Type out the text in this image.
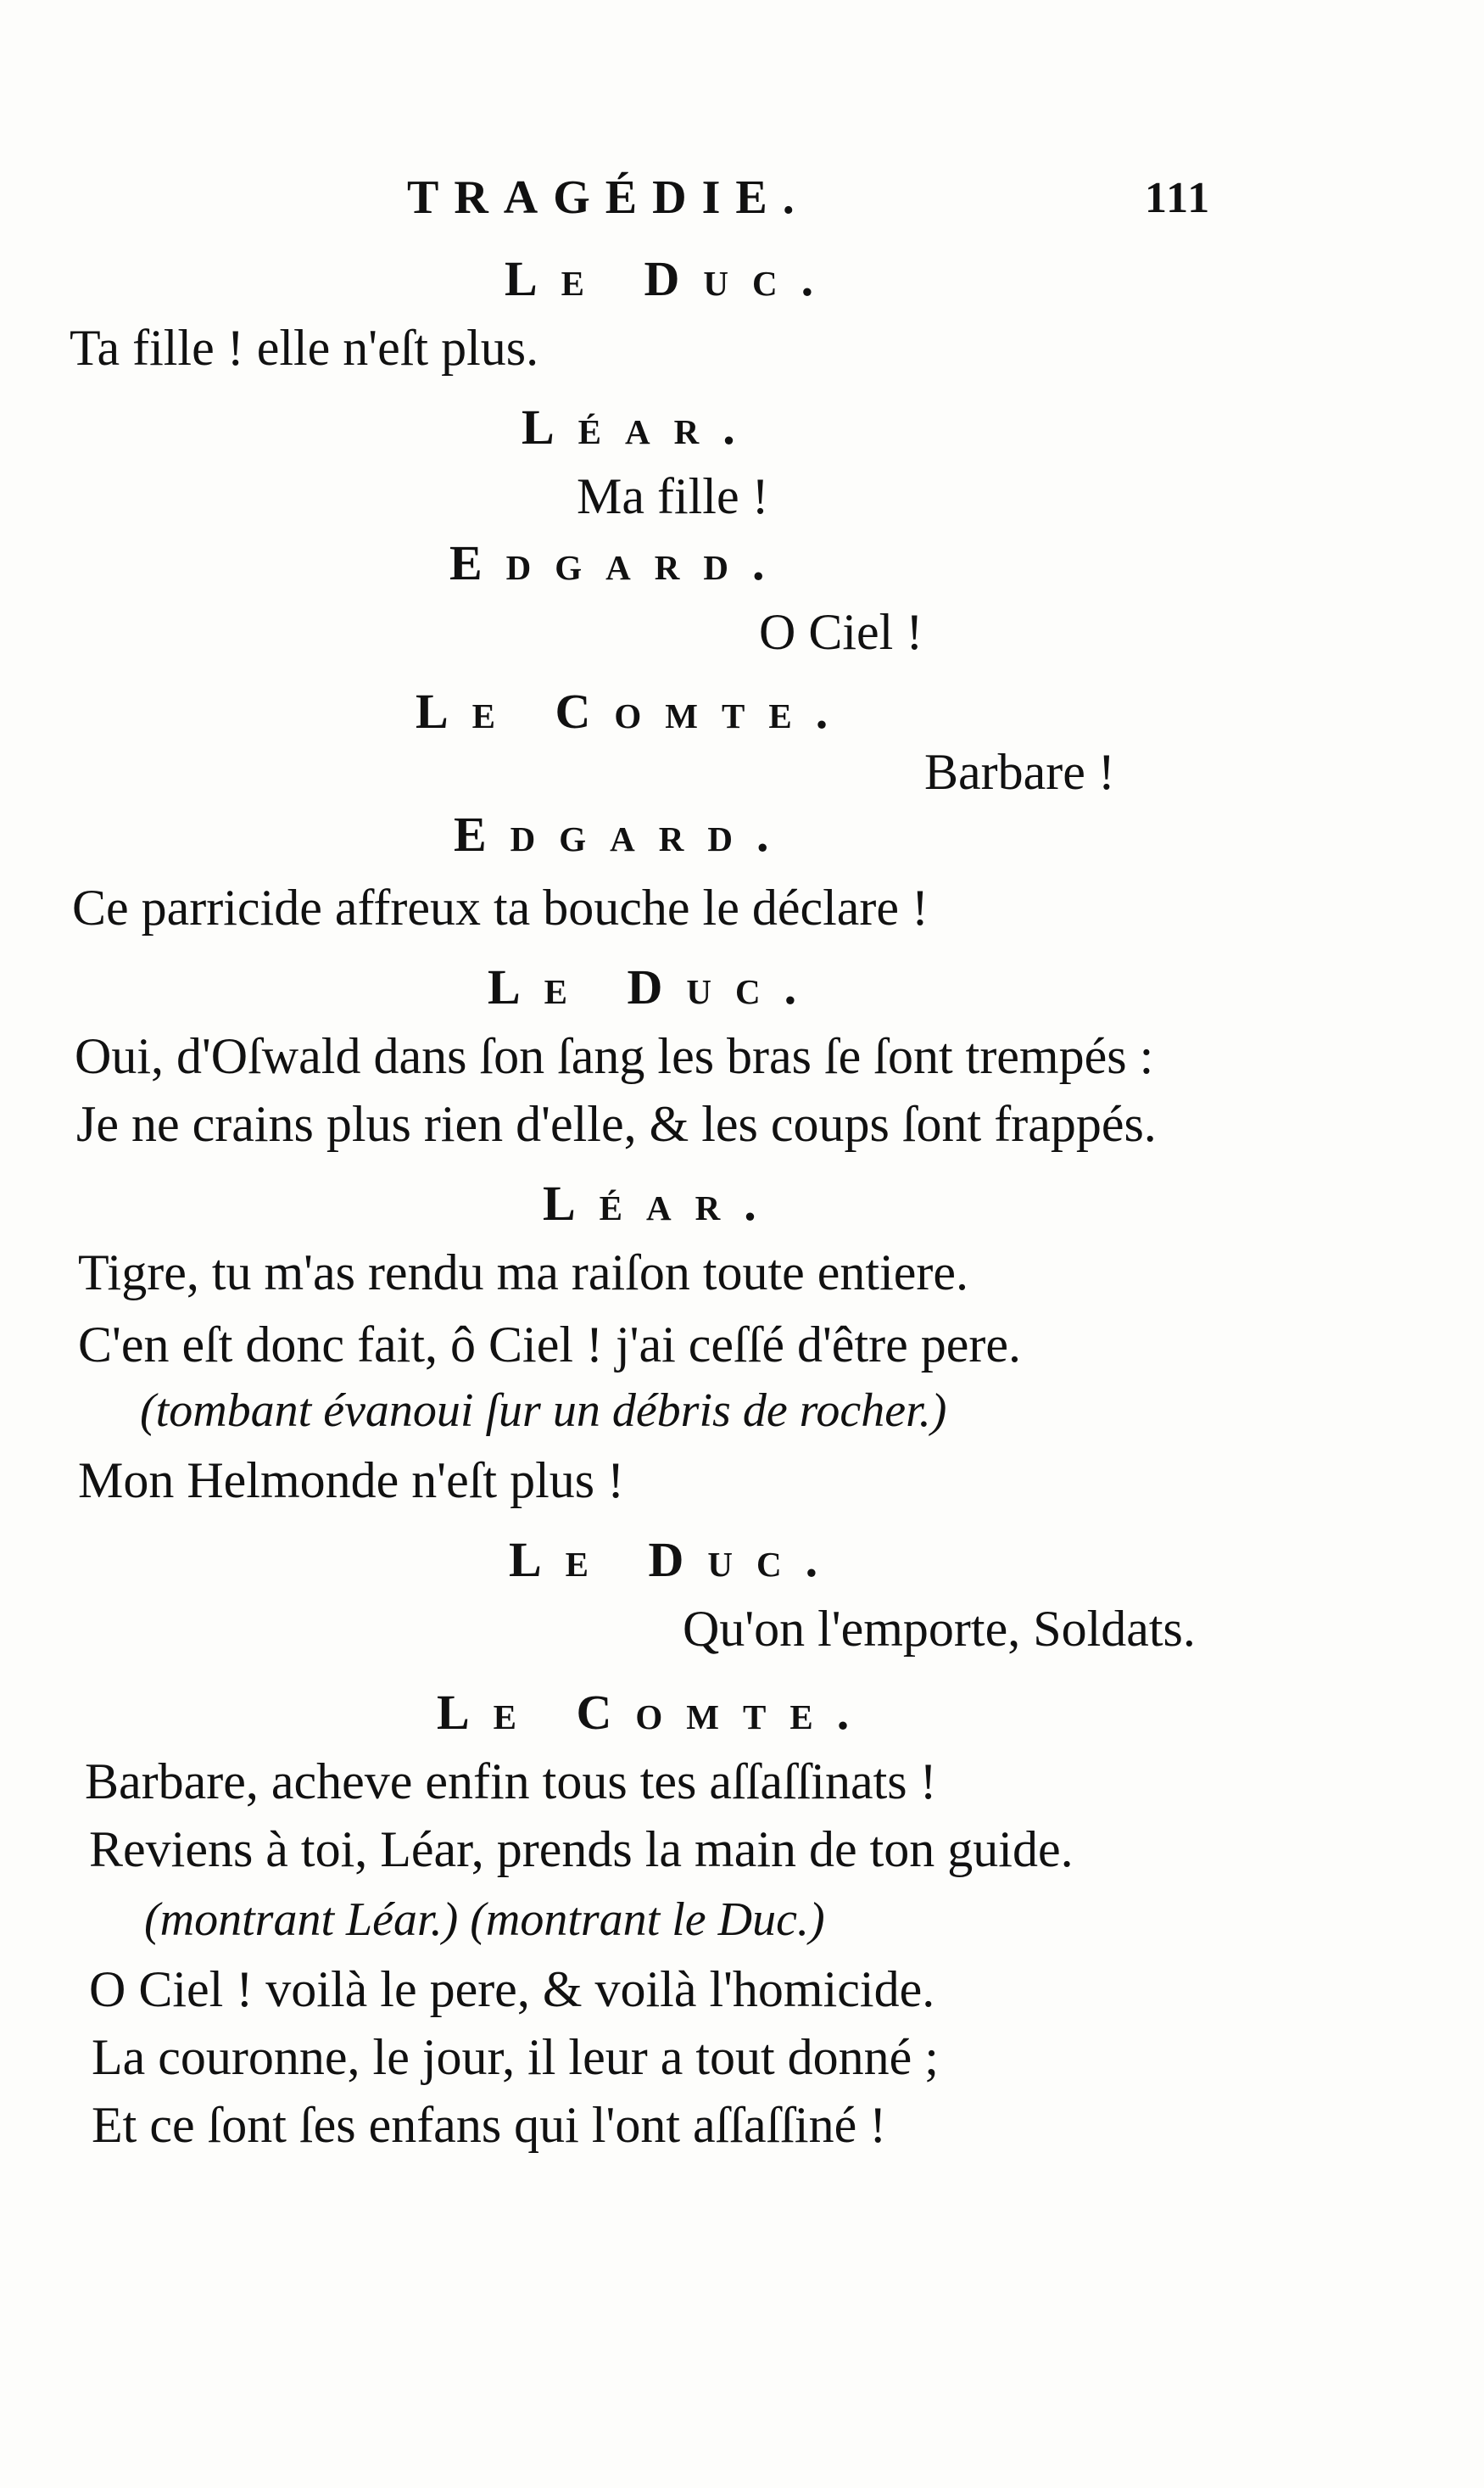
TRAGÉDIE.	111
Le Duc.
Ta fille ! elle n'eſt plus.
Léar.
Ma fille !
Edgard.
O Ciel !
Le Comte.
Barbare !
Edgard.
Ce parricide affreux ta bouche le déclare !
Le Duc.
Oui, d'Oſwald dans ſon ſang les bras ſe ſont trempés :
Je ne crains plus rien d'elle, & les coups ſont frappés.
Léar.
Tigre, tu m'as rendu ma raiſon toute entiere.
C'en eſt donc fait, ô Ciel ! j'ai ceſſé d'être pere.
(tombant évanoui ſur un débris de rocher.)
Mon Helmonde n'eſt plus !
Le Duc.
Qu'on l'emporte, Soldats.
Le Comte.
Barbare, acheve enfin tous tes aſſaſſinats !
Reviens à toi, Léar, prends la main de ton guide.
(montrant Léar.) (montrant le Duc.)
O Ciel ! voilà le pere, & voilà l'homicide.
La couronne, le jour, il leur a tout donné ;
Et ce ſont ſes enfans qui l'ont aſſaſſiné !
